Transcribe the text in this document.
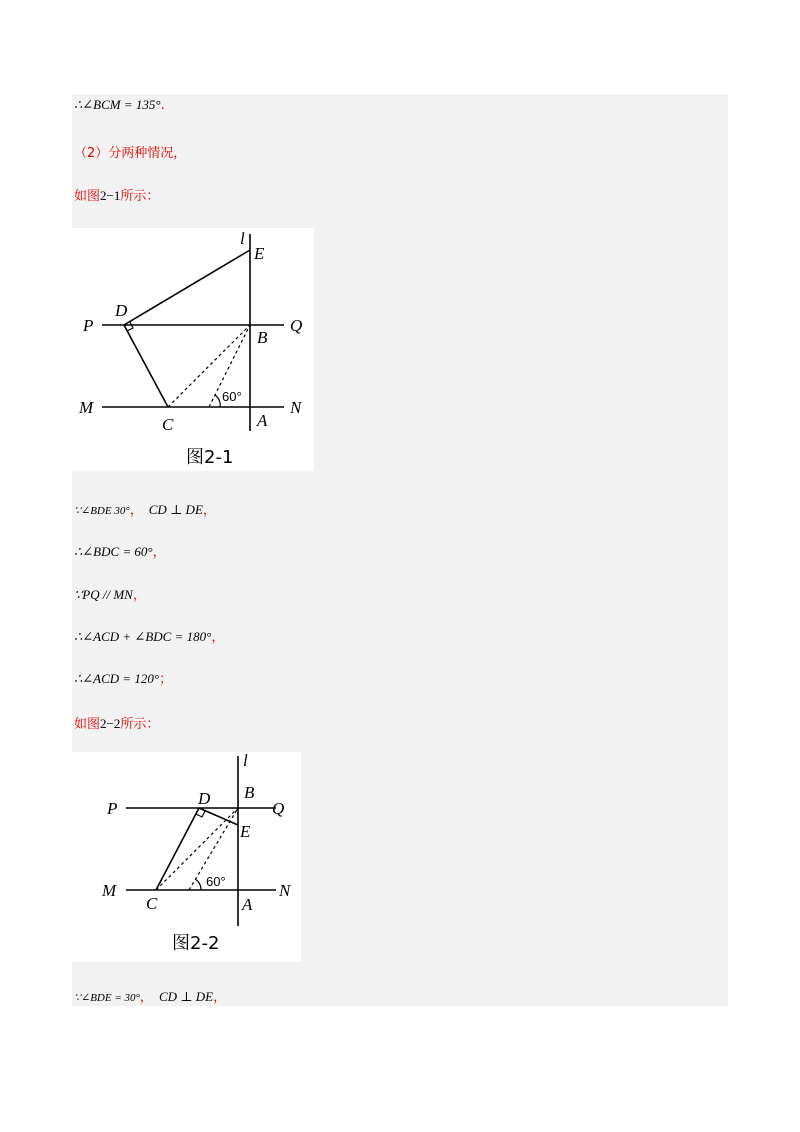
∴∠BCM = 135°.
（2）分两种情况，
如图2−1所示：
l
E
P
D
Q
B
M	N
C	A
60°
图2-1
∵∠BDE 30°， CD ⊥ DE，
∴∠BDC = 60°，
∵PQ // MN，
∴∠ACD + ∠BDC = 180°，
∴∠ACD = 120°；
如图2−2所示：
l
B
P
D
Q
E
M	N
C	A
60°
图2-2
∵∠BDE = 30°， CD ⊥ DE，
